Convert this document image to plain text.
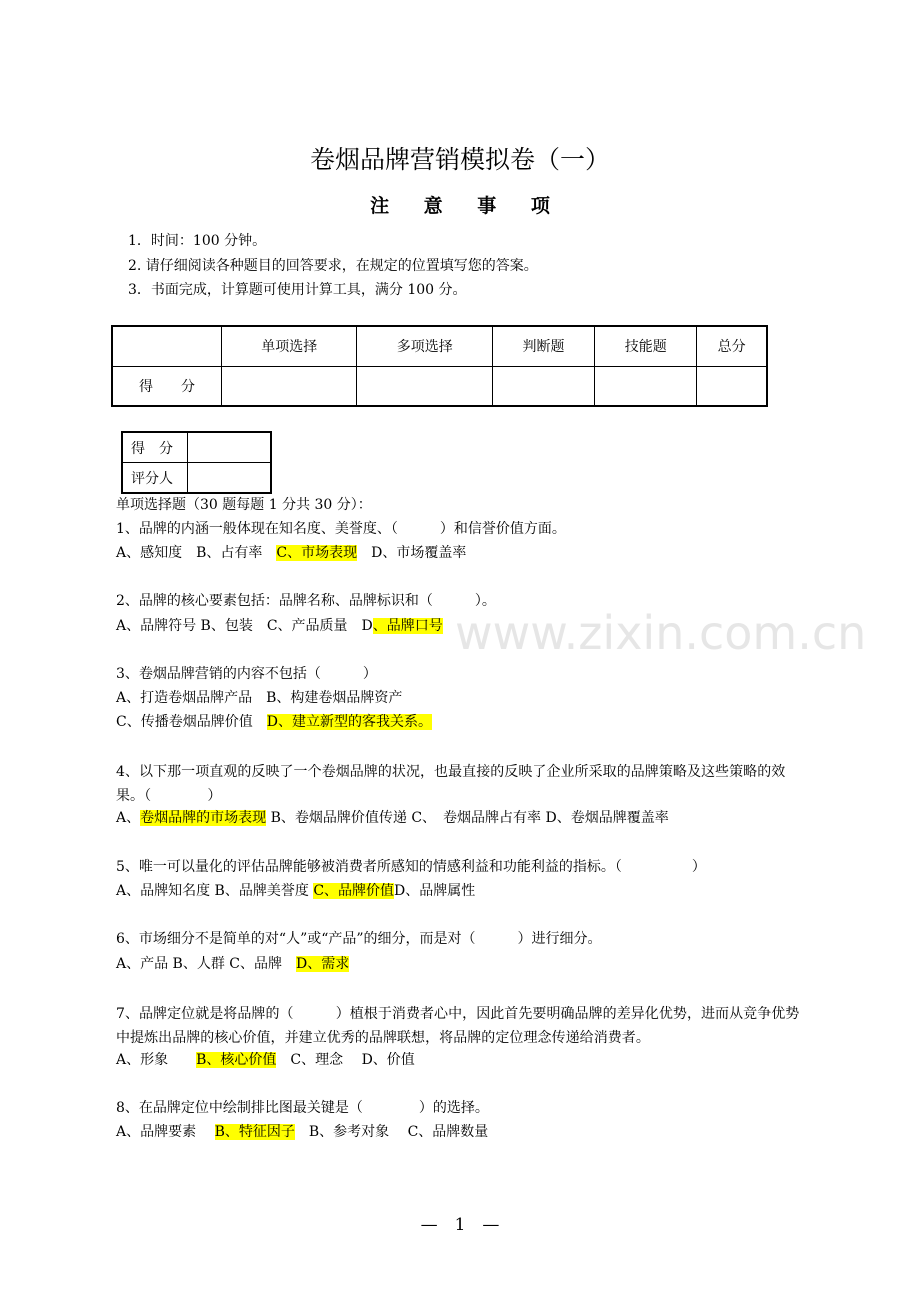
卷烟品牌营销模拟卷（一）
注 意 事 项
1．时间：100 分钟。
2. 请仔细阅读各种题目的回答要求，在规定的位置填写您的答案。
3．书面完成，计算题可使用计算工具，满分 100 分。
	单项选择	多项选择	判断题	技能题	总分
得　　分					
得　分	
评分人	
单项选择题（30 题每题 1 分共 30 分）：
1、品牌的内涵一般体现在知名度、美誉度、（　　　）和信誉价值方面。
A、感知度　B、占有率　C、市场表现　D、市场覆盖率
2、品牌的核心要素包括：品牌名称、品牌标识和（　　　）。
A、品牌符号 B、包装　C、产品质量　D、品牌口号
3、卷烟品牌营销的内容不包括（　　　）
A、打造卷烟品牌产品　B、构建卷烟品牌资产
C、传播卷烟品牌价值　D、建立新型的客我关系。
4、以下那一项直观的反映了一个卷烟品牌的状况，也最直接的反映了企业所采取的品牌策略及这些策略的效果。（　　　　）
A、卷烟品牌的市场表现 B、卷烟品牌价值传递 C、　卷烟品牌占有率 D、卷烟品牌覆盖率
5、唯一可以量化的评估品牌能够被消费者所感知的情感利益和功能利益的指标。（　　　　　）
A、品牌知名度 B、品牌美誉度 C、品牌价值D、品牌属性
6、市场细分不是简单的对“人”或“产品”的细分，而是对（　　　）进行细分。
A、产品 B、人群 C、品牌　D、需求
7、品牌定位就是将品牌的（　　　）植根于消费者心中，因此首先要明确品牌的差异化优势，进而从竞争优势中提炼出品牌的核心价值，并建立优秀的品牌联想，将品牌的定位理念传递给消费者。
A、形象　　B、核心价值　C、理念　 D、价值
8、在品牌定位中绘制排比图最关键是（　　　　）的选择。
A、品牌要素　 B、特征因子　B、参考对象　 C、品牌数量
—　1　—
www.zixin.com.cn
